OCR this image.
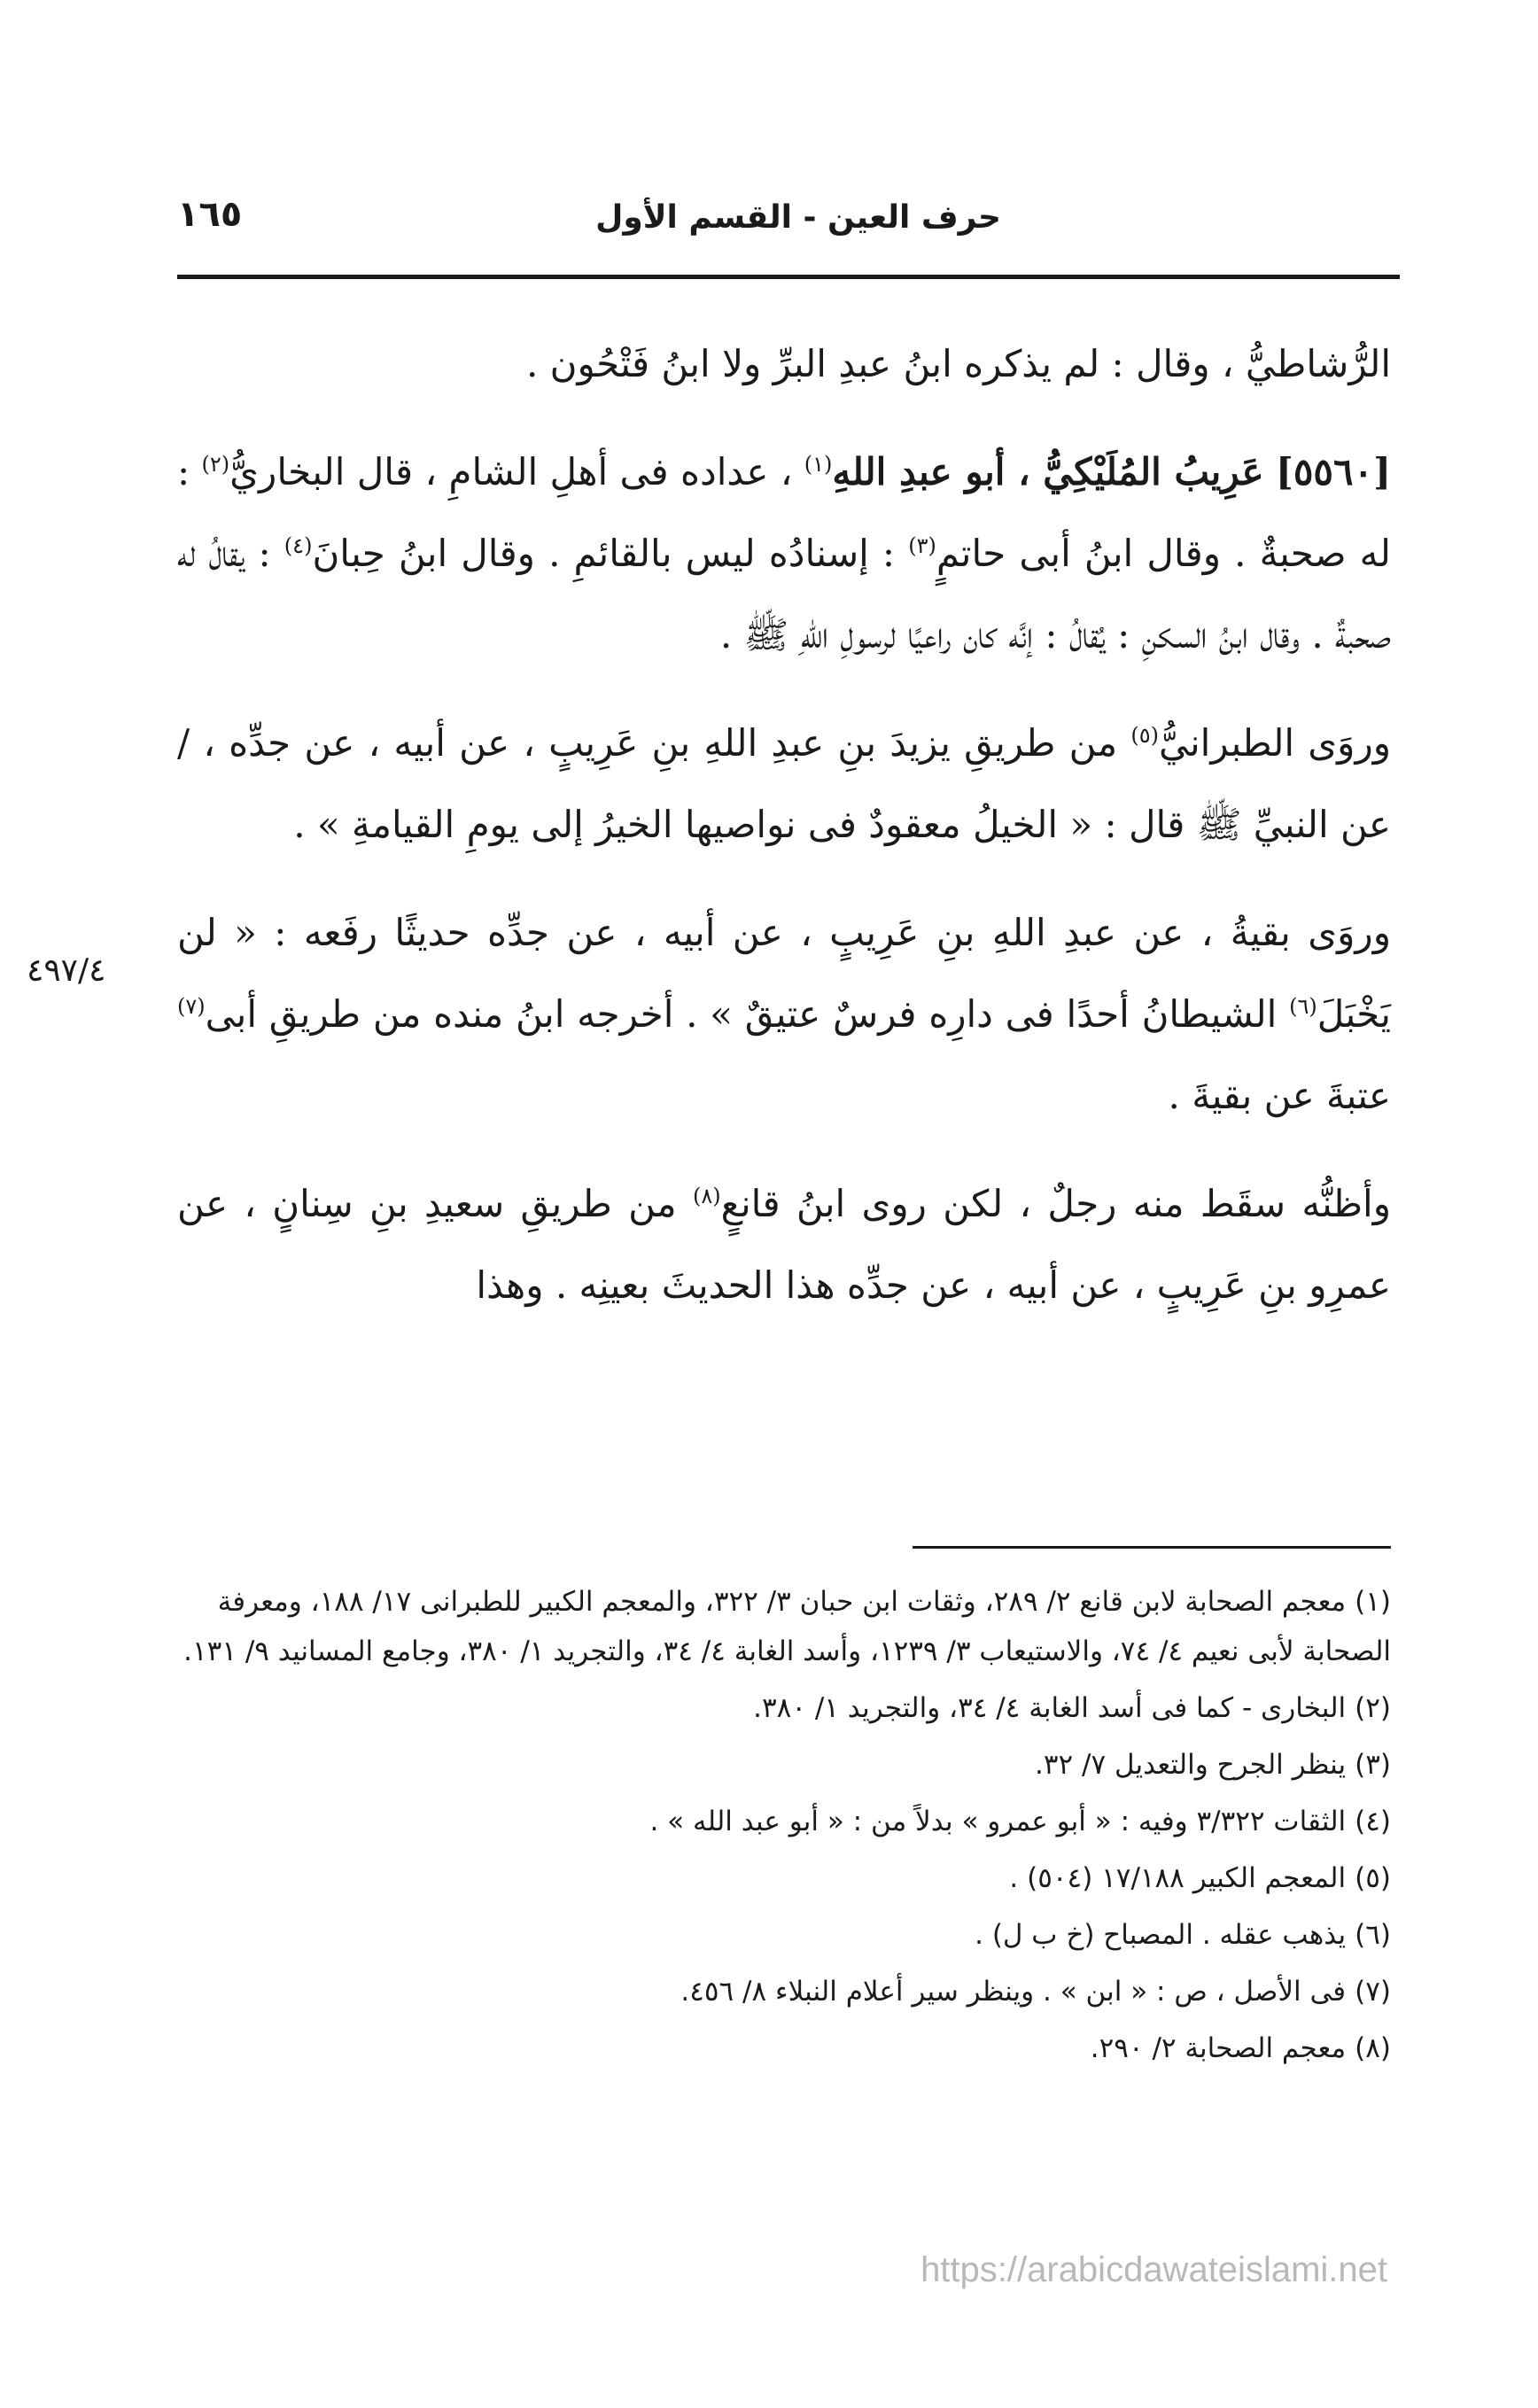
حرف العين - القسم الأول
١٦٥
٤٩٧/٤

الرُّشاطيُّ ، وقال : لم يذكره ابنُ عبدِ البرِّ ولا ابنُ فَتْحُون .

[٥٥٦٠] عَرِيبُ المُلَيْكِيُّ ، أبو عبدِ اللهِ$^{(١)}$ ، عداده فى أهلِ الشامِ ، قال البخاريُّ$^{(٢)}$ : له صحبةٌ . وقال ابنُ أبى حاتمٍ$^{(٣)}$ : إسنادُه ليس بالقائمِ . وقال ابنُ حِبانَ$^{(٤)}$ : يقالُ له صحبةٌ . وقال ابنُ السكنِ : يُقالُ : إنَّه كان راعيًا لرسولِ اللهِ ﷺ .

وروَى الطبرانيُّ$^{(٥)}$ من طريقِ يزيدَ بنِ عبدِ اللهِ بنِ عَرِيبٍ ، عن أبيه ، عن جدِّه ، / عن النبيِّ ﷺ قال : « الخيلُ معقودٌ فى نواصيها الخيرُ إلى يومِ القيامةِ » .

وروَى بقيةُ ، عن عبدِ اللهِ بنِ عَرِيبٍ ، عن أبيه ، عن جدِّه حديثًا رفَعه : « لن يَخْبَلَ$^{(٦)}$ الشيطانُ أحدًا فى دارِه فرسٌ عتيقٌ » . أخرجه ابنُ منده من طريقِ أبى$^{(٧)}$ عتبةَ عن بقيةَ .

وأظنُّه سقَط منه رجلٌ ، لكن روى ابنُ قانعٍ$^{(٨)}$ من طريقِ سعيدِ بنِ سِنانٍ ، عن عمرِو بنِ عَرِيبٍ ، عن أبيه ، عن جدِّه هذا الحديثَ بعينِه . وهذا

(١)معجم الصحابة لابن قانع ٢/ ٢٨٩، وثقات ابن حبان ٣/ ٣٢٢، والمعجم الكبير للطبرانى ١٧/ ١٨٨، ومعرفة الصحابة لأبى نعيم ٤/ ٧٤، والاستيعاب ٣/ ١٢٣٩، وأسد الغابة ٤/ ٣٤، والتجريد ١/ ٣٨٠، وجامع المسانيد ٩/ ١٣١.

(٢)البخارى - كما فى أسد الغابة ٤/ ٣٤، والتجريد ١/ ٣٨٠.

(٣)ينظر الجرح والتعديل ٧/ ٣٢.

(٤)الثقات ٣/٣٢٢ وفيه : « أبو عمرو » بدلاً من : « أبو عبد الله » .

(٥)المعجم الكبير ١٧/١٨٨ (٥٠٤) .

(٦)يذهب عقله . المصباح (خ ب ل) .

(٧)فى الأصل ، ص : « ابن » . وينظر سير أعلام النبلاء ٨/ ٤٥٦.

(٨)معجم الصحابة ٢/ ٢٩٠.

https://arabicdawateislami.net
